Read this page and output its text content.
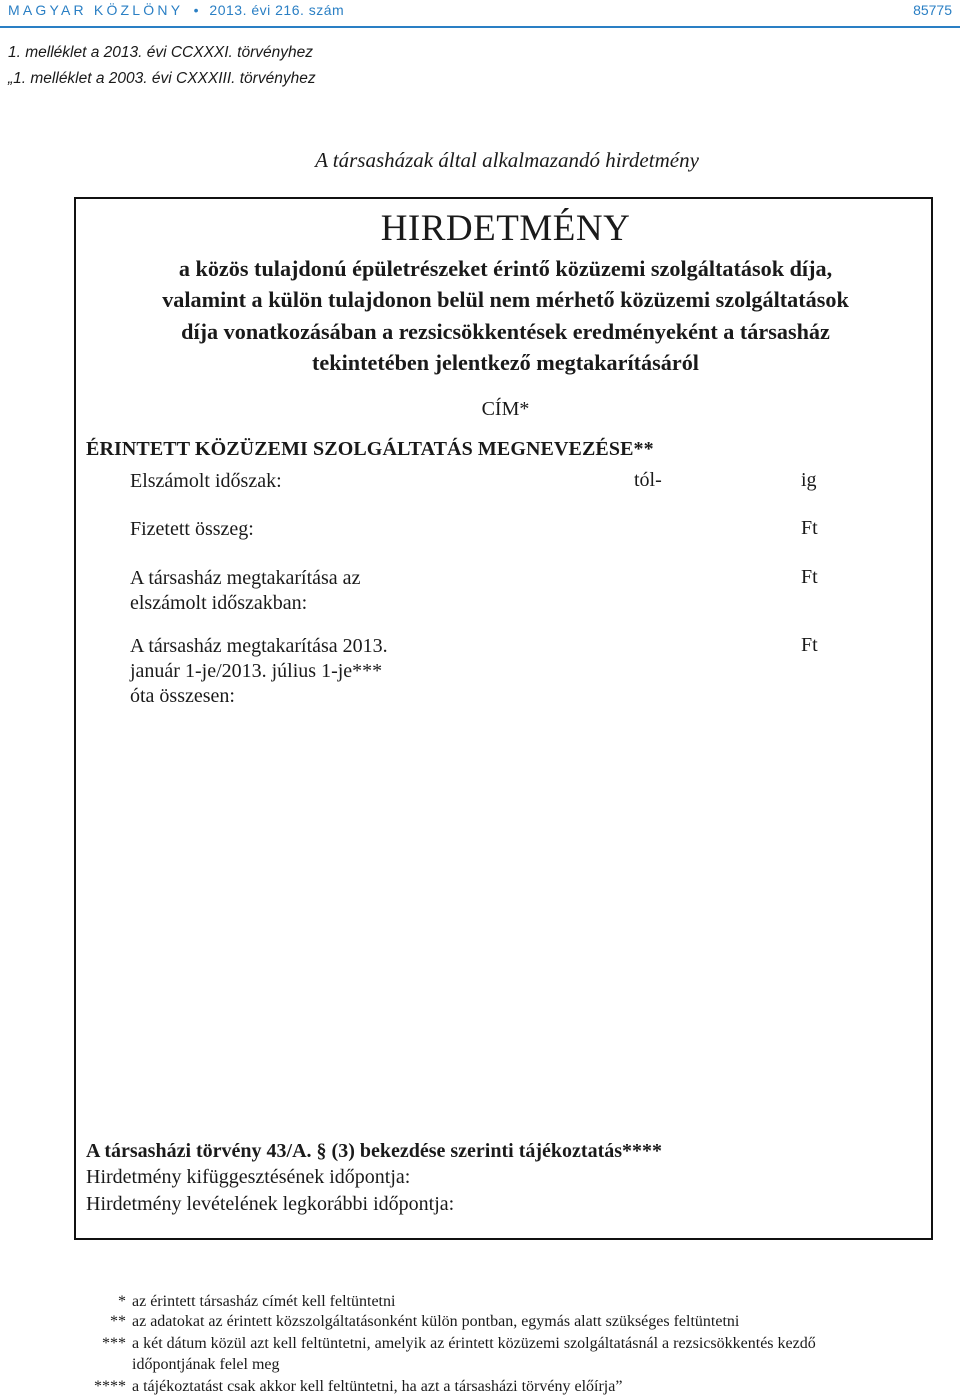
MAGYAR KÖZLÖNY • 2013. évi 216. szám	85775
1. melléklet a 2013. évi CCXXXI. törvényhez
„1. melléklet a 2003. évi CXXXIII. törvényhez
A társasházak által alkalmazandó hirdetmény
HIRDETMÉNY
a közös tulajdonú épületrészeket érintő közüzemi szolgáltatások díja,
valamint a külön tulajdonon belül nem mérhető közüzemi szolgáltatások
díja vonatkozásában a rezsicsökkentések eredményeként a társasház
tekintetében jelentkező megtakarításáról
CÍM*
ÉRINTETT KÖZÜZEMI SZOLGÁLTATÁS MEGNEVEZÉSE**
Elszámolt időszak:	tól-	ig
Fizetett összeg:	Ft
A társasház megtakarítása az
elszámolt időszakban:
Ft
A társasház megtakarítása 2013.
január 1-je/2013. július 1-je***
óta összesen:
Ft
A társasházi törvény 43/A. § (3) bekezdése szerinti tájékoztatás****
Hirdetmény kifüggesztésének időpontja:
Hirdetmény levételének legkorábbi időpontja:
* az érintett társasház címét kell feltüntetni
** az adatokat az érintett közszolgáltatásonként külön pontban, egymás alatt szükséges feltüntetni
*** a két dátum közül azt kell feltüntetni, amelyik az érintett közüzemi szolgáltatásnál a rezsicsökkentés kezdő
időpontjának felel meg
**** a tájékoztatást csak akkor kell feltüntetni, ha azt a társasházi törvény előírja”
